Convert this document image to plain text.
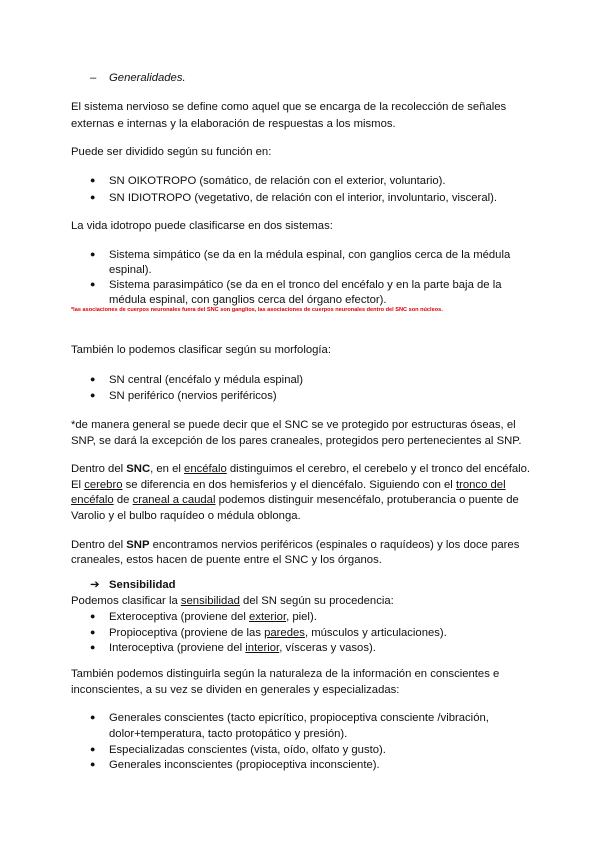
– Generalidades.
El sistema nervioso se define como aquel que se encarga de la recolección de señales
externas e internas y la elaboración de respuestas a los mismos.
Puede ser dividido según su función en:
● SN OIKOTROPO (somático, de relación con el exterior, voluntario).
● SN IDIOTROPO (vegetativo, de relación con el interior, involuntario, visceral).
La vida idotropo puede clasificarse en dos sistemas:
● Sistema simpático (se da en la médula espinal, con ganglios cerca de la médula
espinal).
● Sistema parasimpático (se da en el tronco del encéfalo y en la parte baja de la
médula espinal, con ganglios cerca del órgano efector).
*las asociaciones de cuerpos neuronales fuera del SNC son ganglios, las asociaciones de cuerpos neuronales dentro del SNC son núcleos.
También lo podemos clasificar según su morfología:
● SN central (encéfalo y médula espinal)
● SN periférico (nervios periféricos)
*de manera general se puede decir que el SNC se ve protegido por estructuras óseas, el
SNP, se dará la excepción de los pares craneales, protegidos pero pertenecientes al SNP.
Dentro del SNC, en el encéfalo distinguimos el cerebro, el cerebelo y el tronco del encéfalo.
El cerebro se diferencia en dos hemisferios y el diencéfalo. Siguiendo con el tronco del
encéfalo de craneal a caudal podemos distinguir mesencéfalo, protuberancia o puente de
Varolio y el bulbo raquídeo o médula oblonga.
Dentro del SNP encontramos nervios periféricos (espinales o raquídeos) y los doce pares
craneales, estos hacen de puente entre el SNC y los órganos.
➔ Sensibilidad
Podemos clasificar la sensibilidad del SN según su procedencia:
● Exteroceptiva (proviene del exterior, piel).
● Propioceptiva (proviene de las paredes, músculos y articulaciones).
● Interoceptiva (proviene del interior, vísceras y vasos).
También podemos distinguirla según la naturaleza de la información en conscientes e
inconscientes, a su vez se dividen en generales y especializadas:
● Generales conscientes (tacto epicrítico, propioceptiva consciente /vibración,
dolor+temperatura, tacto protopático y presión).
● Especializadas conscientes (vista, oído, olfato y gusto).
● Generales inconscientes (propioceptiva inconsciente).
